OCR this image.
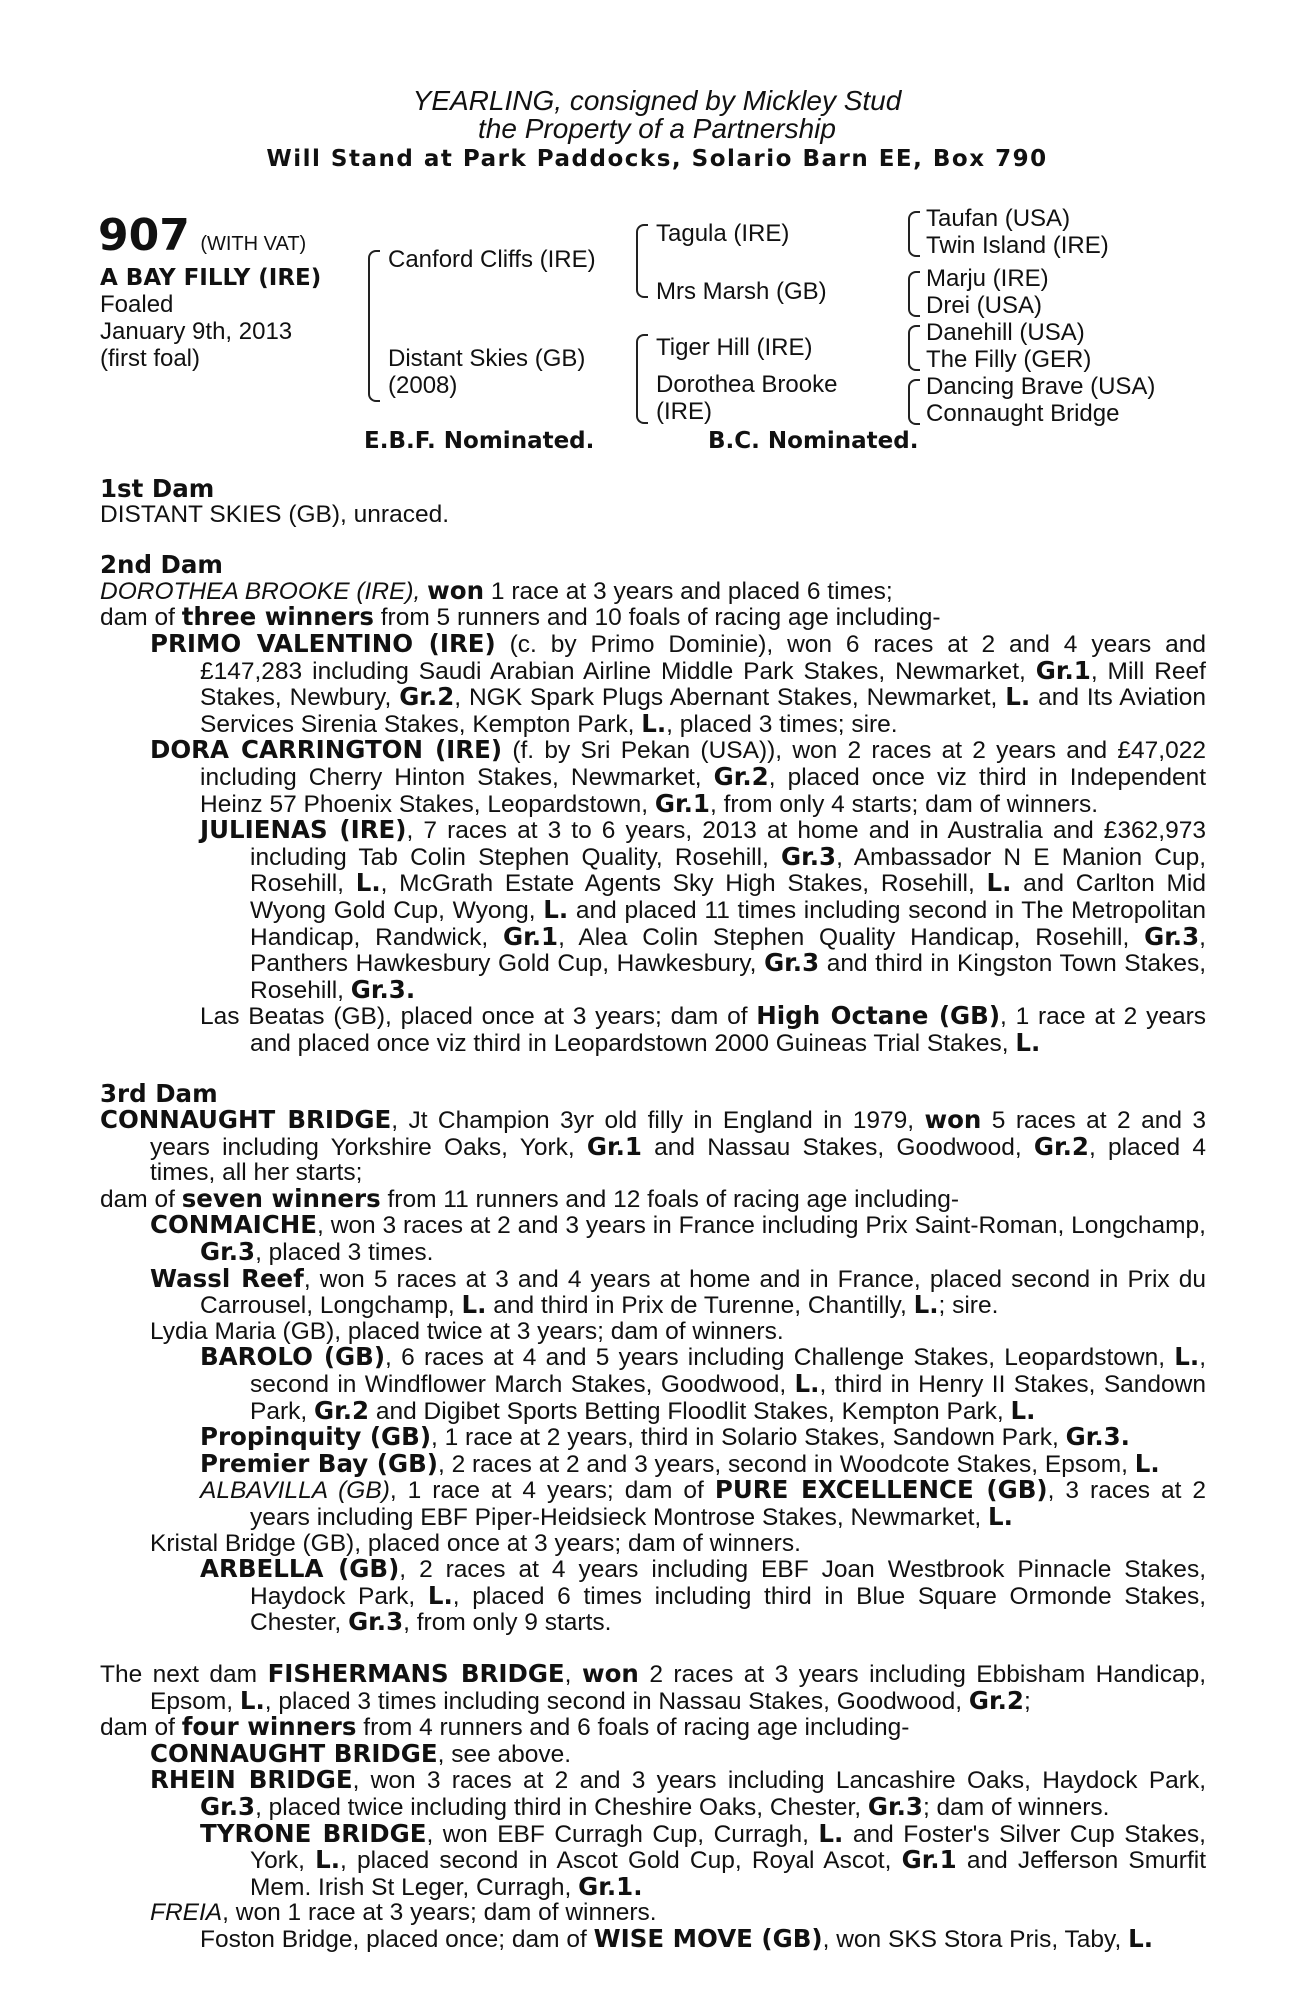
YEARLING, consigned by Mickley Stud
the Property of a Partnership
Will Stand at Park Paddocks, Solario Barn EE, Box 790
907 (WITH VAT)
A BAY FILLY (IRE)
Foaled
January 9th, 2013
(first foal)
Canford Cliffs (IRE)
Distant Skies (GB)
(2008)
Tagula (IRE)
Mrs Marsh (GB)
Tiger Hill (IRE)
Dorothea Brooke
(IRE)
Taufan (USA)
Twin Island (IRE)
Marju (IRE)
Drei (USA)
Danehill (USA)
The Filly (GER)
Dancing Brave (USA)
Connaught Bridge
E.B.F. Nominated.	B.C. Nominated.

1st Dam

DISTANT SKIES (GB), unraced.

2nd Dam

DOROTHEA BROOKE (IRE), won 1 race at 3 years and placed 6 times;

dam of three winners from 5 runners and 10 foals of racing age including-

PRIMO VALENTINO (IRE) (c. by Primo Dominie), won 6 races at 2 and 4 years and £147,283 including Saudi Arabian Airline Middle Park Stakes, Newmarket, Gr.1, Mill Reef Stakes, Newbury, Gr.2, NGK Spark Plugs Abernant Stakes, Newmarket, L. and Its Aviation Services Sirenia Stakes, Kempton Park, L., placed 3 times; sire.

DORA CARRINGTON (IRE) (f. by Sri Pekan (USA)), won 2 races at 2 years and £47,022 including Cherry Hinton Stakes, Newmarket, Gr.2, placed once viz third in Independent Heinz 57 Phoenix Stakes, Leopardstown, Gr.1, from only 4 starts; dam of winners.

JULIENAS (IRE), 7 races at 3 to 6 years, 2013 at home and in Australia and £362,973 including Tab Colin Stephen Quality, Rosehill, Gr.3, Ambassador N E Manion Cup, Rosehill, L., McGrath Estate Agents Sky High Stakes, Rosehill, L. and Carlton Mid Wyong Gold Cup, Wyong, L. and placed 11 times including second in The Metropolitan Handicap, Randwick, Gr.1, Alea Colin Stephen Quality Handicap, Rosehill, Gr.3, Panthers Hawkesbury Gold Cup, Hawkesbury, Gr.3 and third in Kingston Town Stakes, Rosehill, Gr.3.

Las Beatas (GB), placed once at 3 years; dam of High Octane (GB), 1 race at 2 years and placed once viz third in Leopardstown 2000 Guineas Trial Stakes, L.

3rd Dam

CONNAUGHT BRIDGE, Jt Champion 3yr old filly in England in 1979, won 5 races at 2 and 3 years including Yorkshire Oaks, York, Gr.1 and Nassau Stakes, Goodwood, Gr.2, placed 4 times, all her starts;

dam of seven winners from 11 runners and 12 foals of racing age including-

CONMAICHE, won 3 races at 2 and 3 years in France including Prix Saint-Roman, Longchamp, Gr.3, placed 3 times.

Wassl Reef, won 5 races at 3 and 4 years at home and in France, placed second in Prix du Carrousel, Longchamp, L. and third in Prix de Turenne, Chantilly, L.; sire.

Lydia Maria (GB), placed twice at 3 years; dam of winners.

BAROLO (GB), 6 races at 4 and 5 years including Challenge Stakes, Leopardstown, L., second in Windflower March Stakes, Goodwood, L., third in Henry II Stakes, Sandown Park, Gr.2 and Digibet Sports Betting Floodlit Stakes, Kempton Park, L.

Propinquity (GB), 1 race at 2 years, third in Solario Stakes, Sandown Park, Gr.3.

Premier Bay (GB), 2 races at 2 and 3 years, second in Woodcote Stakes, Epsom, L.

ALBAVILLA (GB), 1 race at 4 years; dam of PURE EXCELLENCE (GB), 3 races at 2 years including EBF Piper-Heidsieck Montrose Stakes, Newmarket, L.

Kristal Bridge (GB), placed once at 3 years; dam of winners.

ARBELLA (GB), 2 races at 4 years including EBF Joan Westbrook Pinnacle Stakes, Haydock Park, L., placed 6 times including third in Blue Square Ormonde Stakes, Chester, Gr.3, from only 9 starts.

The next dam FISHERMANS BRIDGE, won 2 races at 3 years including Ebbisham Handicap, Epsom, L., placed 3 times including second in Nassau Stakes, Goodwood, Gr.2;

dam of four winners from 4 runners and 6 foals of racing age including-

CONNAUGHT BRIDGE, see above.

RHEIN BRIDGE, won 3 races at 2 and 3 years including Lancashire Oaks, Haydock Park, Gr.3, placed twice including third in Cheshire Oaks, Chester, Gr.3; dam of winners.

TYRONE BRIDGE, won EBF Curragh Cup, Curragh, L. and Foster's Silver Cup Stakes, York, L., placed second in Ascot Gold Cup, Royal Ascot, Gr.1 and Jefferson Smurfit Mem. Irish St Leger, Curragh, Gr.1.

FREIA, won 1 race at 3 years; dam of winners.

Foston Bridge, placed once; dam of WISE MOVE (GB), won SKS Stora Pris, Taby, L.
